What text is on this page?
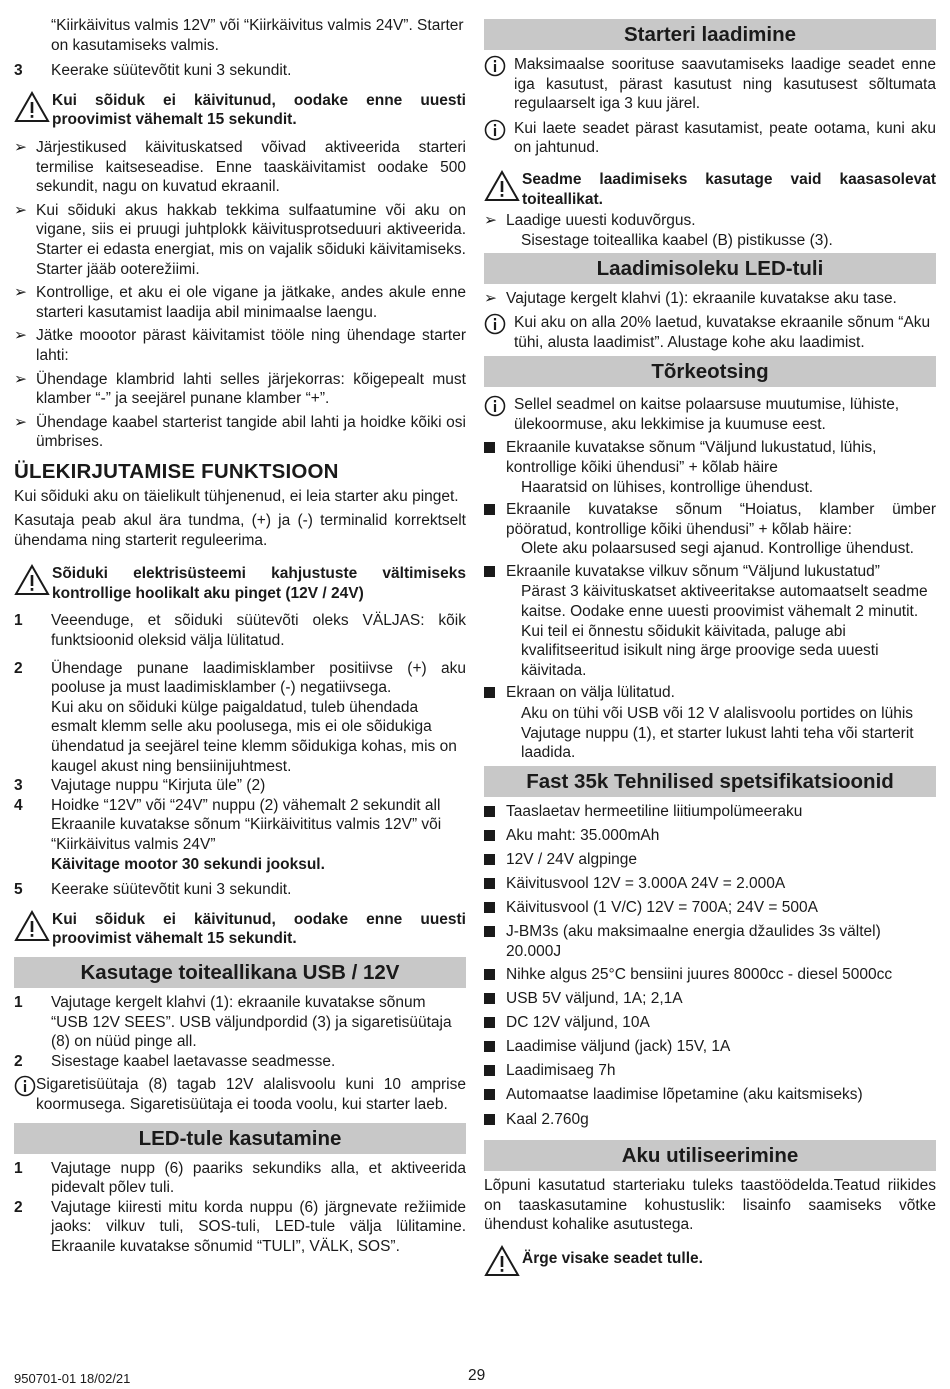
“Kiirkäivitus valmis 12V” või “Kiirkäivitus valmis 24V”. Starter on kasutamiseks valmis.
3	Keerake süütevõtit kuni 3 sekundit.
Kui sõiduk ei käivitunud, oodake enne uuesti proovimist vähemalt 15 sekundit.
➢ Järjestikused käivituskatsed võivad aktiveerida starteri termilise kaitseseadise. Enne taaskäivitamist oodake 500 sekundit, nagu on kuvatud ekraanil.
➢ Kui sõiduki akus hakkab tekkima sulfaatumine või aku on vigane, siis ei pruugi juhtplokk käivitusprotseduuri aktiveerida. Starter ei edasta energiat, mis on vajalik sõiduki käivitamiseks. Starter jääb ooterežiimi.
➢ Kontrollige, et aku ei ole vigane ja jätkake, andes akule enne starteri kasutamist laadija abil minimaalse laengu.
➢ Jätke moootor pärast käivitamist tööle ning ühendage starter lahti:
➢ Ühendage klambrid lahti selles järjekorras: kõigepealt must klamber “-” ja seejärel punane klamber “+”.
➢ Ühendage kaabel starterist tangide abil lahti ja hoidke kõiki osi ümbrises.
ÜLEKIRJUTAMISE FUNKTSIOON
Kui sõiduki aku on täielikult tühjenenud, ei leia starter aku pinget.
Kasutaja peab akul ära tundma, (+) ja (-) terminalid korrektselt ühendama ning starterit reguleerima.
Sõiduki elektrisüsteemi kahjustuste vältimiseks kontrollige hoolikalt aku pinget (12V / 24V)
1	Veeenduge, et sõiduki süütevõti oleks VÄLJAS: kõik funktsioonid oleksid välja lülitatud.
2	Ühendage punane laadimisklamber positiivse (+) aku pooluse ja must laadimisklamber (-) negatiivsega.
Kui aku on sõiduki külge paigaldatud, tuleb ühendada esmalt klemm selle aku poolusega, mis ei ole sõidukiga ühendatud ja seejärel teine klemm sõidukiga kohas, mis on kaugel akust ning bensiinijuhtmest.
3	Vajutage nuppu “Kirjuta üle” (2)
4	Hoidke “12V” või “24V” nuppu (2) vähemalt 2 sekundit all
Ekraanile kuvatakse sõnum “Kiirkäivititus valmis 12V” või “Kiirkäivitus valmis 24V”
Käivitage mootor 30 sekundi jooksul.
5	Keerake süütevõtit kuni 3 sekundit.
Kui sõiduk ei käivitunud, oodake enne uuesti proovimist vähemalt 15 sekundit.
Kasutage toiteallikana USB / 12V
1	Vajutage kergelt klahvi (1): ekraanile kuvatakse sõnum “USB 12V SEES”. USB väljundpordid (3) ja sigaretisüütaja (8) on nüüd pinge all.
2	Sisestage kaabel laetavasse seadmesse.
Sigaretisüütaja (8) tagab 12V alalisvoolu kuni 10 amprise koormusega. Sigaretisüütaja ei tooda voolu, kui starter laeb.
LED-tule kasutamine
1	Vajutage nupp (6) paariks sekundiks alla, et aktiveerida pidevalt põlev tuli.
2	Vajutage kiiresti mitu korda nuppu (6) järgnevate režiimide jaoks: vilkuv tuli, SOS-tuli, LED-tule välja lülitamine. Ekraanile kuvatakse sõnumid “TULI”, VÄLK, SOS”.
Starteri laadimine
Maksimaalse soorituse saavutamiseks laadige seadet enne iga kasutust, pärast kasutust ning kasutusest sõltumata regulaarselt iga 3 kuu järel.
Kui laete seadet pärast kasutamist, peate ootama, kuni aku on jahtunud.
Seadme laadimiseks kasutage vaid kaasasolevat toiteallikat.
➢ Laadige uuesti koduvõrgus.
Sisestage toiteallika kaabel (B) pistikusse (3).
Laadimisoleku LED-tuli
➢ Vajutage kergelt klahvi (1): ekraanile kuvatakse aku tase.
Kui aku on alla 20% laetud, kuvatakse ekraanile sõnum “Aku tühi, alusta laadimist”. Alustage kohe aku laadimist.
Tõrkeotsing
Sellel seadmel on kaitse polaarsuse muutumise, lühiste, ülekoormuse, aku lekkimise ja kuumuse eest.
Ekraanile kuvatakse sõnum “Väljund lukustatud, lühis, kontrollige kõiki ühendusi” + kõlab häire
Haaratsid on lühises, kontrollige ühendust.
Ekraanile kuvatakse sõnum “Hoiatus, klamber ümber pööratud, kontrollige kõiki ühendusi” + kõlab häire:
Olete aku polaarsused segi ajanud. Kontrollige ühendust.
Ekraanile kuvatakse vilkuv sõnum “Väljund lukustatud”
Pärast 3 käivituskatset aktiveeritakse automaatselt seadme kaitse. Oodake enne uuesti proovimist vähemalt 2 minutit. Kui teil ei õnnestu sõidukit käivitada, paluge abi kvalifitseeritud isikult ning ärge proovige seda uuesti käivitada.
Ekraan on välja lülitatud.
Aku on tühi või USB või 12 V alalisvoolu portides on lühis
Vajutage nuppu (1), et starter lukust lahti teha või starterit laadida.
Fast 35k Tehnilised spetsifikatsioonid
Taaslaetav hermeetiline liitiumpolümeeraku
Aku maht: 35.000mAh
12V / 24V algpinge
Käivitusvool 12V = 3.000A 24V = 2.000A
Käivitusvool (1 V/C) 12V = 700A; 24V = 500A
J-BM3s (aku maksimaalne energia džaulides 3s vältel) 20.000J
Nihke algus 25°C bensiini juures 8000cc - diesel 5000cc
USB 5V väljund, 1A; 2,1A
DC 12V väljund, 10A
Laadimise väljund (jack) 15V, 1A
Laadimisaeg 7h
Automaatse laadimise lõpetamine (aku kaitsmiseks)
Kaal 2.760g
Aku utiliseerimine
Lõpuni kasutatud starteriaku tuleks taastöödelda.Teatud riikides on taaskasutamine kohustuslik: lisainfo saamiseks võtke ühendust kohalike asutustega.
Ärge visake seadet tulle.
950701-01 18/02/21	29
